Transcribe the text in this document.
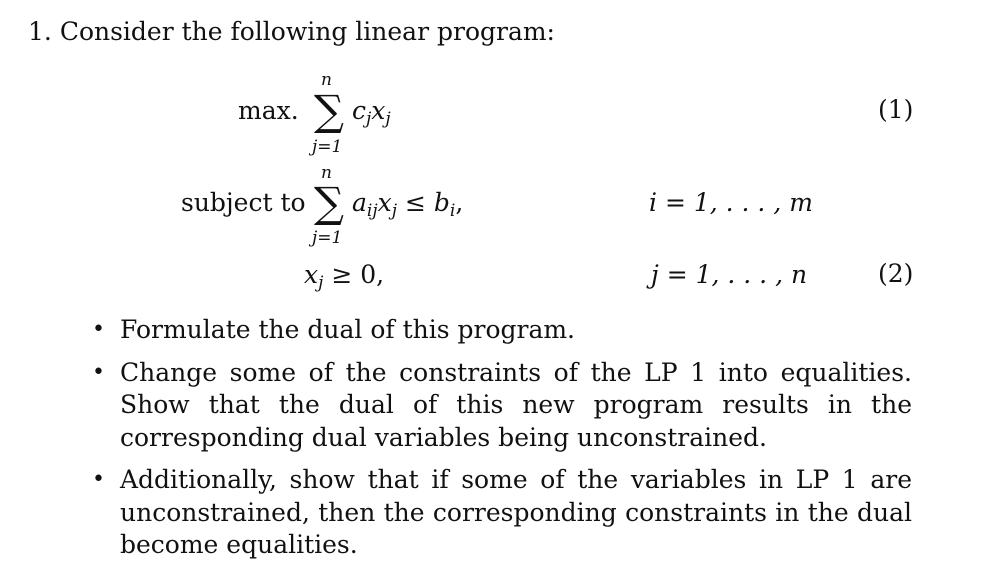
1. Consider the following linear program:
max.
n
∑
j=1
$c_jx_j$	(1)
subject to
n
∑
j=1
$a_{ij}x_j \le b_i$,	i = 1, . . . , m
$x_j \ge 0$,	j = 1, . . . , n	(2)
• Formulate the dual of this program.
• Change some of the constraints of the LP 1 into equalities. Show that the dual of this new program results in the corresponding dual variables being unconstrained.
• Additionally, show that if some of the variables in LP 1 are unconstrained, then the corresponding constraints in the dual become equalities.
